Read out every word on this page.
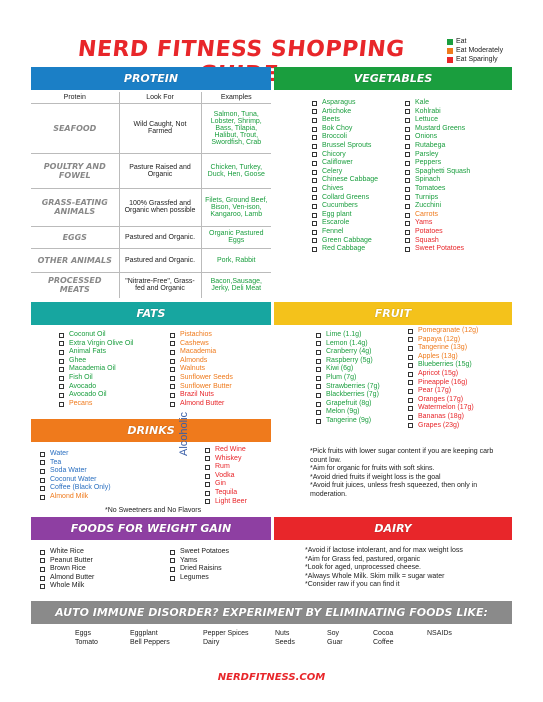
NERD FITNESS SHOPPING	Eat
Eat Moderately
Eat Sparingly
PROTEIN	VEGETABLES
FATS	FRUIT
DRINKS
FOODS FOR WEIGHT GAIN	DAIRY
AUTO IMMUNE DISORDER? EXPERIMENT BY ELIMINATING FOODS LIKE:
Protein	Look For	Examples
SEAFOOD	Wild Caught, Not Farmed	Salmon, Tuna, Lobster, Shrimp, Bass, Tilapia, Halibut, Trout, Swordfish, Crab
POULTRY AND FOWEL	Pasture Raised and Organic	Chicken, Turkey, Duck, Hen, Goose
GRASS-EATING ANIMALS	100% Grassfed and Organic when possible	Filets, Ground Beef, Bison, Ven-ison, Kangaroo, Lamb
EGGS	Pastured and Organic.	Organic Pastured Eggs
OTHER ANIMALS	Pastured and Organic.	Pork, Rabbit
PROCESSED MEATS	"Nitratre-Free", Grass-fed and Organic	Bacon,Sausage, Jerky, Deli Meat
Asparagus
Artichoke
Beets
Bok Choy
Broccoli
Brussel Sprouts
Chicory
Califlower
Celery
Chinese Cabbage
Chives
Collard Greens
Cucumbers
Egg plant
Escarole
Fennel
Green Cabbage
Red Cabbage
Kale
Kohlrabi
Lettuce
Mustard Greens
Onions
Rutabega
Parsley
Peppers
Spaghetti Squash
Spinach
Tomatoes
Turnips
Zucchini
Carrots
Yams
Potatoes
Squash
Sweet Potatoes
Coconut Oil
Extra Virgin Olive Oil
Animal Fats
Ghee
Macademia Oil
Fish Oil
Avocado
Avocado Oil
Pecans
Pistachios
Cashews
Macademia
Almonds
Walnuts
Sunflower Seeds
Sunflower Butter
Brazil Nuts
Almond Butter
Lime (1.1g)
Lemon (1.4g)
Cranberry (4g)
Raspberry (5g)
Kiwi (6g)
Plum (7g)
Strawberries (7g)
Blackberries (7g)
Grapefruit (8g)
Melon (9g)
Tangerine (9g)
Pomegranate (12g)
Papaya (12g)
Tangerine (13g)
Apples (13g)
Blueberries (15g)
Apricot (15g)
Pineapple (16g)
Pear (17g)
Oranges (17g)
Watermelon (17g)
Bananas (18g)
Grapes (23g)
Water
Tea
Soda Water
Coconut Water
Coffee (Black Only)
Almond Milk
Red Wine
Whiskey
Rum
Vodka
Gin
Tequila
Light Beer
Alcoholic
*No Sweetners and No Flavors
*Pick fruits with lower sugar content if you are keeping carb count low.
*Aim for organic for fruits with soft skins.
*Avoid dried fruits if weight loss is the goal
*Avoid fruit juices, unless fresh squeezed, then only in moderation.
White Rice
Peanut Butter
Brown Rice
Almond Butter
Whole Milk
Sweet Potatoes
Yams
Dried Raisins
Legumes
*Avoid if lactose intolerant, and for max weight loss
*Aim for Grass fed, pastured, organic
*Look for aged, unprocessed cheese.
*Always Whole Milk. Skim milk = sugar water
*Consider raw if you can find it
Eggs
Tomato
Eggplant
Bell Peppers
Pepper Spices
Dairy
Nuts
Seeds
Soy
Guar
Cocoa
Coffee
NSAIDs
NERDFITNESS.COM
